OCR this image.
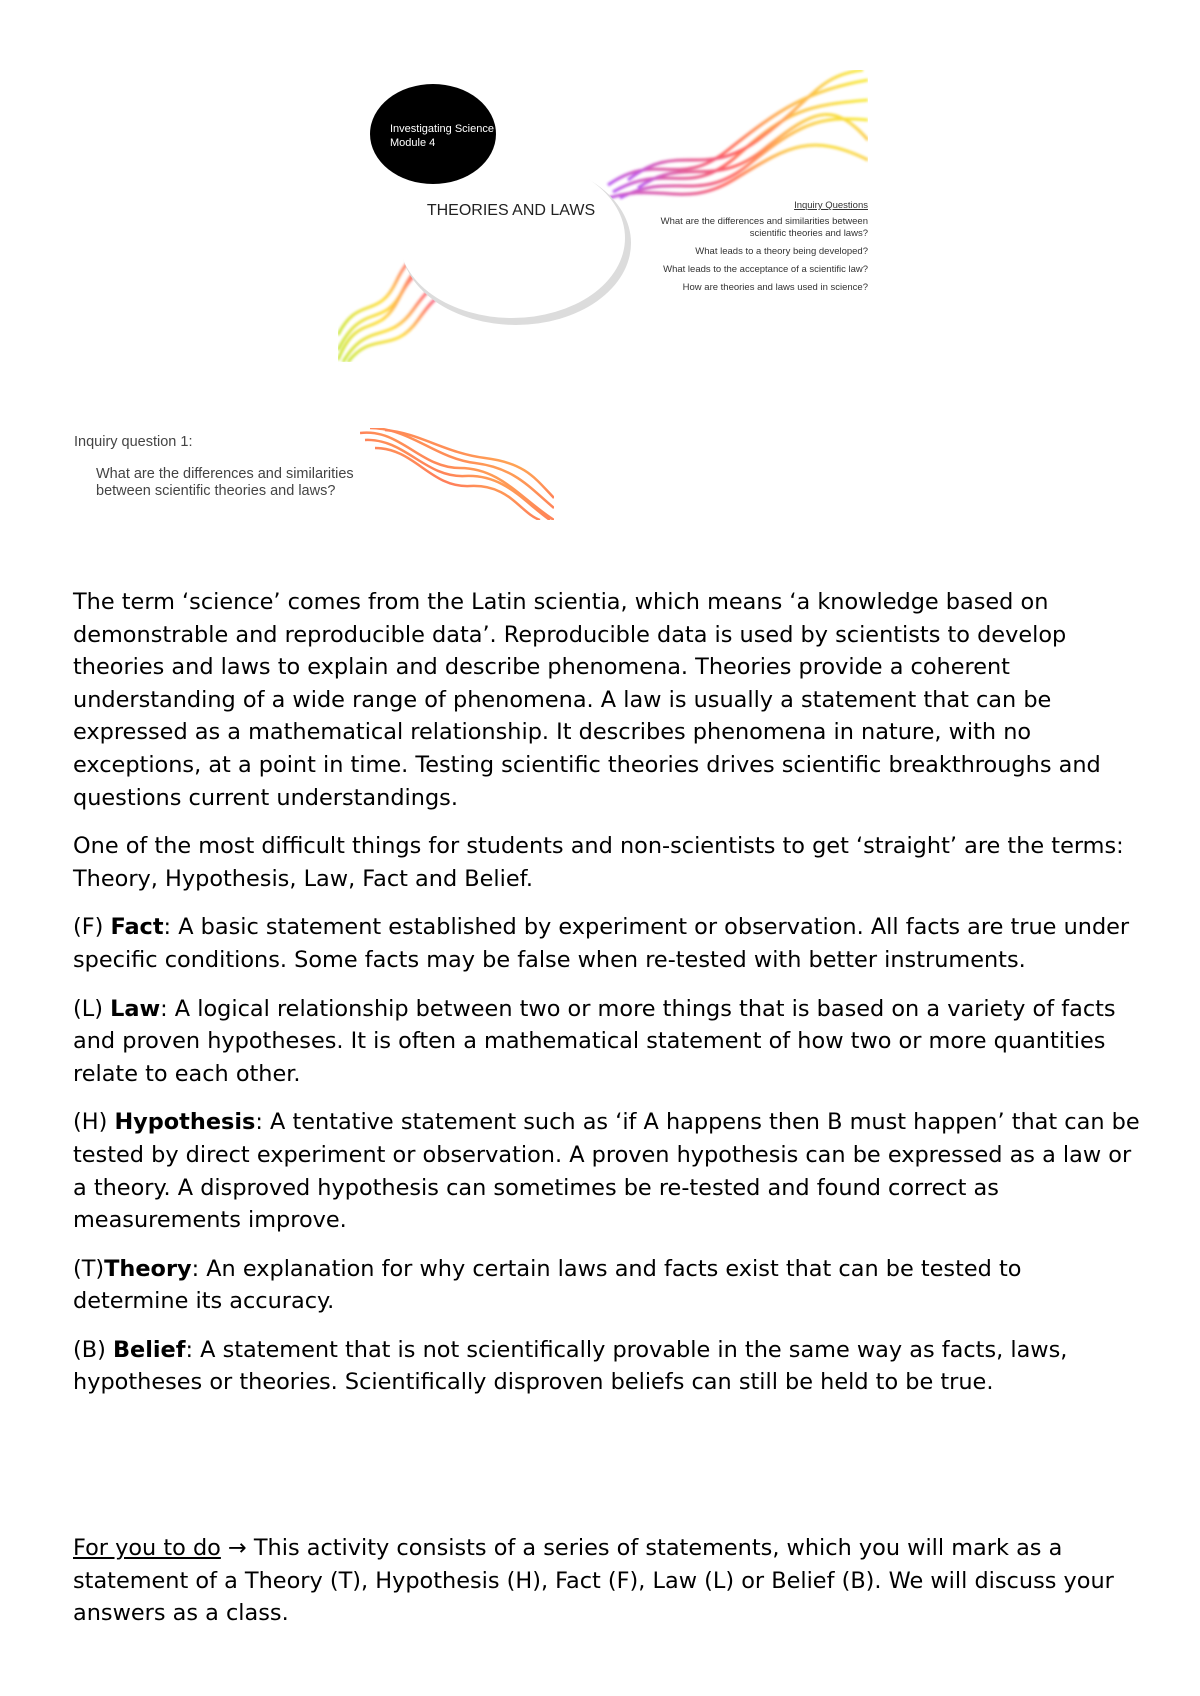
Investigating Science Module 4
THEORIES AND LAWS	Inquiry Questions
What are the differences and similarities between scientific theories and laws?
What leads to a theory being developed?
What leads to the acceptance of a scientific law?
How are theories and laws used in science?
Inquiry question 1:
What are the differences and similarities between scientific theories and laws?

The term ‘science’ comes from the Latin scientia, which means ‘a knowledge based on demonstrable and reproducible data’. Reproducible data is used by scientists to develop theories and laws to explain and describe phenomena. Theories provide a coherent understanding of a wide range of phenomena. A law is usually a statement that can be expressed as a mathematical relationship. It describes phenomena in nature, with no exceptions, at a point in time. Testing scientific theories drives scientific breakthroughs and questions current understandings.

One of the most difficult things for students and non-scientists to get ‘straight’ are the terms: Theory, Hypothesis, Law, Fact and Belief.

(F) Fact: A basic statement established by experiment or observation. All facts are true under specific conditions. Some facts may be false when re-tested with better instruments.

(L) Law: A logical relationship between two or more things that is based on a variety of facts and proven hypotheses. It is often a mathematical statement of how two or more quantities relate to each other.

(H) Hypothesis: A tentative statement such as ‘if A happens then B must happen’ that can be tested by direct experiment or observation. A proven hypothesis can be expressed as a law or a theory. A disproved hypothesis can sometimes be re-tested and found correct as measurements improve.

(T)Theory: An explanation for why certain laws and facts exist that can be tested to determine its accuracy.

(B) Belief: A statement that is not scientifically provable in the same way as facts, laws, hypotheses or theories. Scientifically disproven beliefs can still be held to be true.

For you to do → This activity consists of a series of statements, which you will mark as a statement of a Theory (T), Hypothesis (H), Fact (F), Law (L) or Belief (B). We will discuss your answers as a class.
